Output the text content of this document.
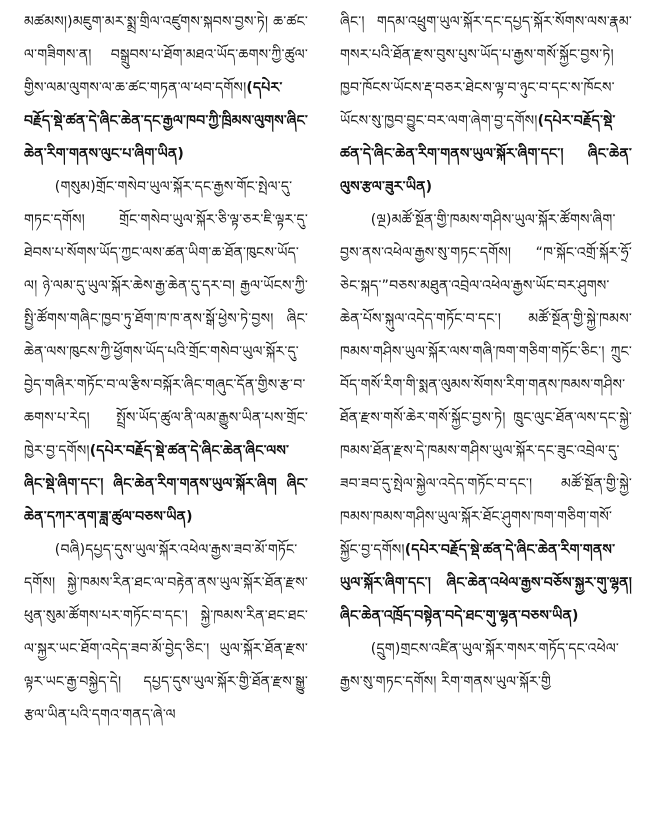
མཚམས།)མཇུག་མར་སྨྲ་གྲིལ་འཛུགས་སྐབས་བྱས་ཏེ། ཆ་ཚང་ལ་གཟིགས་ན། བསྒྲུབས་པ་ཐོག་མཐའ་ཡོད་ཆགས་ཀྱི་ཚུལ་གྱིས་ལམ་ལུགས་ལ་ཆ་ཚང་གཏན་ལ་ཕབ་དགོས།(དཔེར་བརྗོད་སྡེ་ཚན་དེ་ཞིང་ཆེན་དང་རྒྱལ་ཁབ་ཀྱི་ཁྲིམས་ལུགས་ཞིང་ཆེན་རིག་གནས་ལུང་པ་ཞིག་ཡིན)

(གསུམ)གྲོང་གསེབ་ཡུལ་སྐོར་དང་རྒྱས་གོང་སྤེལ་དུ་གཏང་དགོས། གྲོང་གསེབ་ཡུལ་སྐོར་ཅི་ལྟ་ཅར་ཇི་ལྟར་དུ་ཐེབས་པ་སོགས་ཡོད་ཀྱང་ལས་ཚན་ཡིག་ཆ་ཐོན་ཁུངས་ཡོད་ལ། ཉེ་ལམ་དུ་ཡུལ་སྐོར་ཆེས་རྒྱ་ཆེན་དུ་དར་བ། རྒྱལ་ཡོངས་ཀྱི་སྤྱི་ཚོགས་གཞིང་ཁྱབ་ཏུ་ཐོག་ཁ་ཁ་ནས་སྒོ་ཕྱེས་ཏེ་བྱས། ཞིང་ཆེན་ལས་ཁུངས་ཀྱི་ཕྱོགས་ཡོད་པའི་གྲོང་གསེབ་ཡུལ་སྐོར་དུ་བྱེད་གཞིར་གཏོང་བ་ལ་རྩིས་བསྐོར་ཞིང་གཞུང་དོན་གྱིས་རྩ་བ་ཆགས་པ་རེད། སྤྲོས་ཡོད་ཚུལ་ནི་ལམ་རྒྱུས་ཡིན་པས་གྲོང་ཁྱེར་བྱ་དགོས།(དཔེར་བརྗོད་སྡེ་ཚན་དེ་ཞིང་ཆེན་ཞིང་ལས་ཞིང་སྡེ་ཞིག་དང་། ཞིང་ཆེན་རིག་གནས་ཡུལ་སྐོར་ཞིག ཞིང་ཆེན་དཀར་ནག་ཟླ་ཚུལ་བཅས་ཡིན)

(བཞི)དཔྱད་དུས་ཡུལ་སྐོར་འཕེལ་རྒྱས་ཟབ་མོ་གཏོང་དགོས། སྐྱེ་ཁམས་རིན་ཐང་ལ་བརྟེན་ནས་ཡུལ་སྐོར་ཐོན་རྫས་ཕུན་སུམ་ཚོགས་པར་གཏོང་བ་དང་། སྐྱེ་ཁམས་རིན་ཐང་ཐང་ལ་སྐྱར་ཡང་ཐོག་འདེད་ཟབ་མོ་བྱེད་ཅིང་། ཡུལ་སྐོར་ཐོན་རྫས་ལྟར་ཡང་རྒྱ་བསྐྱེད་དེ། དཔྱད་དུས་ཡུལ་སྐོར་གྱི་ཐོན་རྫས་སྒྱུ་རྩལ་ཡིན་པའི་དགའ་གནད་ཞེ་ལ

ཞིང་། གདམ་འཕྲུག་ཡུལ་སྐོར་དང་དཔྱད་སྐོར་སོགས་ལས་རྣམ་གསར་པའི་ཐོན་རྫས་བུས་པུས་ཡོད་པ་རྒྱས་གསོ་སྐྱོང་བྱས་ཏེ། ཁྱབ་ཁོངས་ཡོངས་རྡ་བཅར་ཐེངས་ལྟ་བ་ཉུང་བ་དང་ས་ཁོངས་ཡོངས་སུ་ཁྱབ་བྱུང་བར་ལག་ཞེག་བྱ་དགོས།(དཔེར་བརྗོད་སྡེ་ཚན་དེ་ཞིང་ཆེན་རིག་གནས་ཡུལ་སྐོར་ཞིག་དང་། ཞིང་ཆེན་ལུས་རྩལ་ཟུར་ཡིན)

(ལྔ)མཚོ་སྔོན་གྱི་ཁམས་གཤིས་ཡུལ་སྐོར་ཚོགས་ཞིག་བྱས་ནས་འཕེལ་རྒྱས་སུ་གཏང་དགོས། “ཁ་སྐོང་འགྲོ་སྐོར་ཧྲོ་ཅེང་སྐད་”བཅས་མཐུན་འབྲེལ་འཕེལ་རྒྱས་ཡོང་བར་ཤུགས་ཆེན་པོས་སྐུལ་འདེད་གཏོང་བ་དང་། མཚོ་སྔོན་གྱི་སྐྱེ་ཁམས་ཁམས་གཤིས་ཡུལ་སྐོར་ལས་གཞི་ཁག་གཅིག་གཏོང་ཅིང་། ཀྲུང་བོད་གསོ་རིག་གི་སྨན་ལུམས་སོགས་རིག་གནས་ཁམས་གཤིས་ཐོན་རྫས་གསོ་ཆེར་གསོ་སྐྱོང་བྱས་ཏེ། ཁྲུང་ལུང་ཐོན་ལས་དང་སྐྱེ་ཁམས་ཐོན་རྫས་དེ་ཁམས་གཤིས་ཡུལ་སྐོར་དང་ཟུང་འབྲེལ་དུ་ཟབ་ཟབ་དུ་སྤེལ་སྐྱེལ་འདེད་གཏོང་བ་དང་། མཚོ་སྔོན་གྱི་སྐྱེ་ཁམས་ཁམས་གཤིས་ཡུལ་སྐོར་ཐོང་ཤུགས་ཁག་གཅིག་གསོ་སྐྱོང་བྱ་དགོས།(དཔེར་བརྗོད་སྡེ་ཚན་དེ་ཞིང་ཆེན་རིག་གནས་ཡུལ་སྐོར་ཞིག་དང་། ཞིང་ཆེན་འཕེལ་རྒྱས་བཅོས་སྐྱར་གུ་ལྷན། ཞིང་ཆེན་འཁྲོད་བསྟེན་བདེ་ཐང་གུ་ལྷན་བཅས་ཡིན)

(དྲུག)གྲངས་འཛིན་ཡུལ་སྐོར་གསར་གཏོད་དང་འཕེལ་རྒྱས་སུ་གཏང་དགོས། རིག་གནས་ཡུལ་སྐོར་གྱི
